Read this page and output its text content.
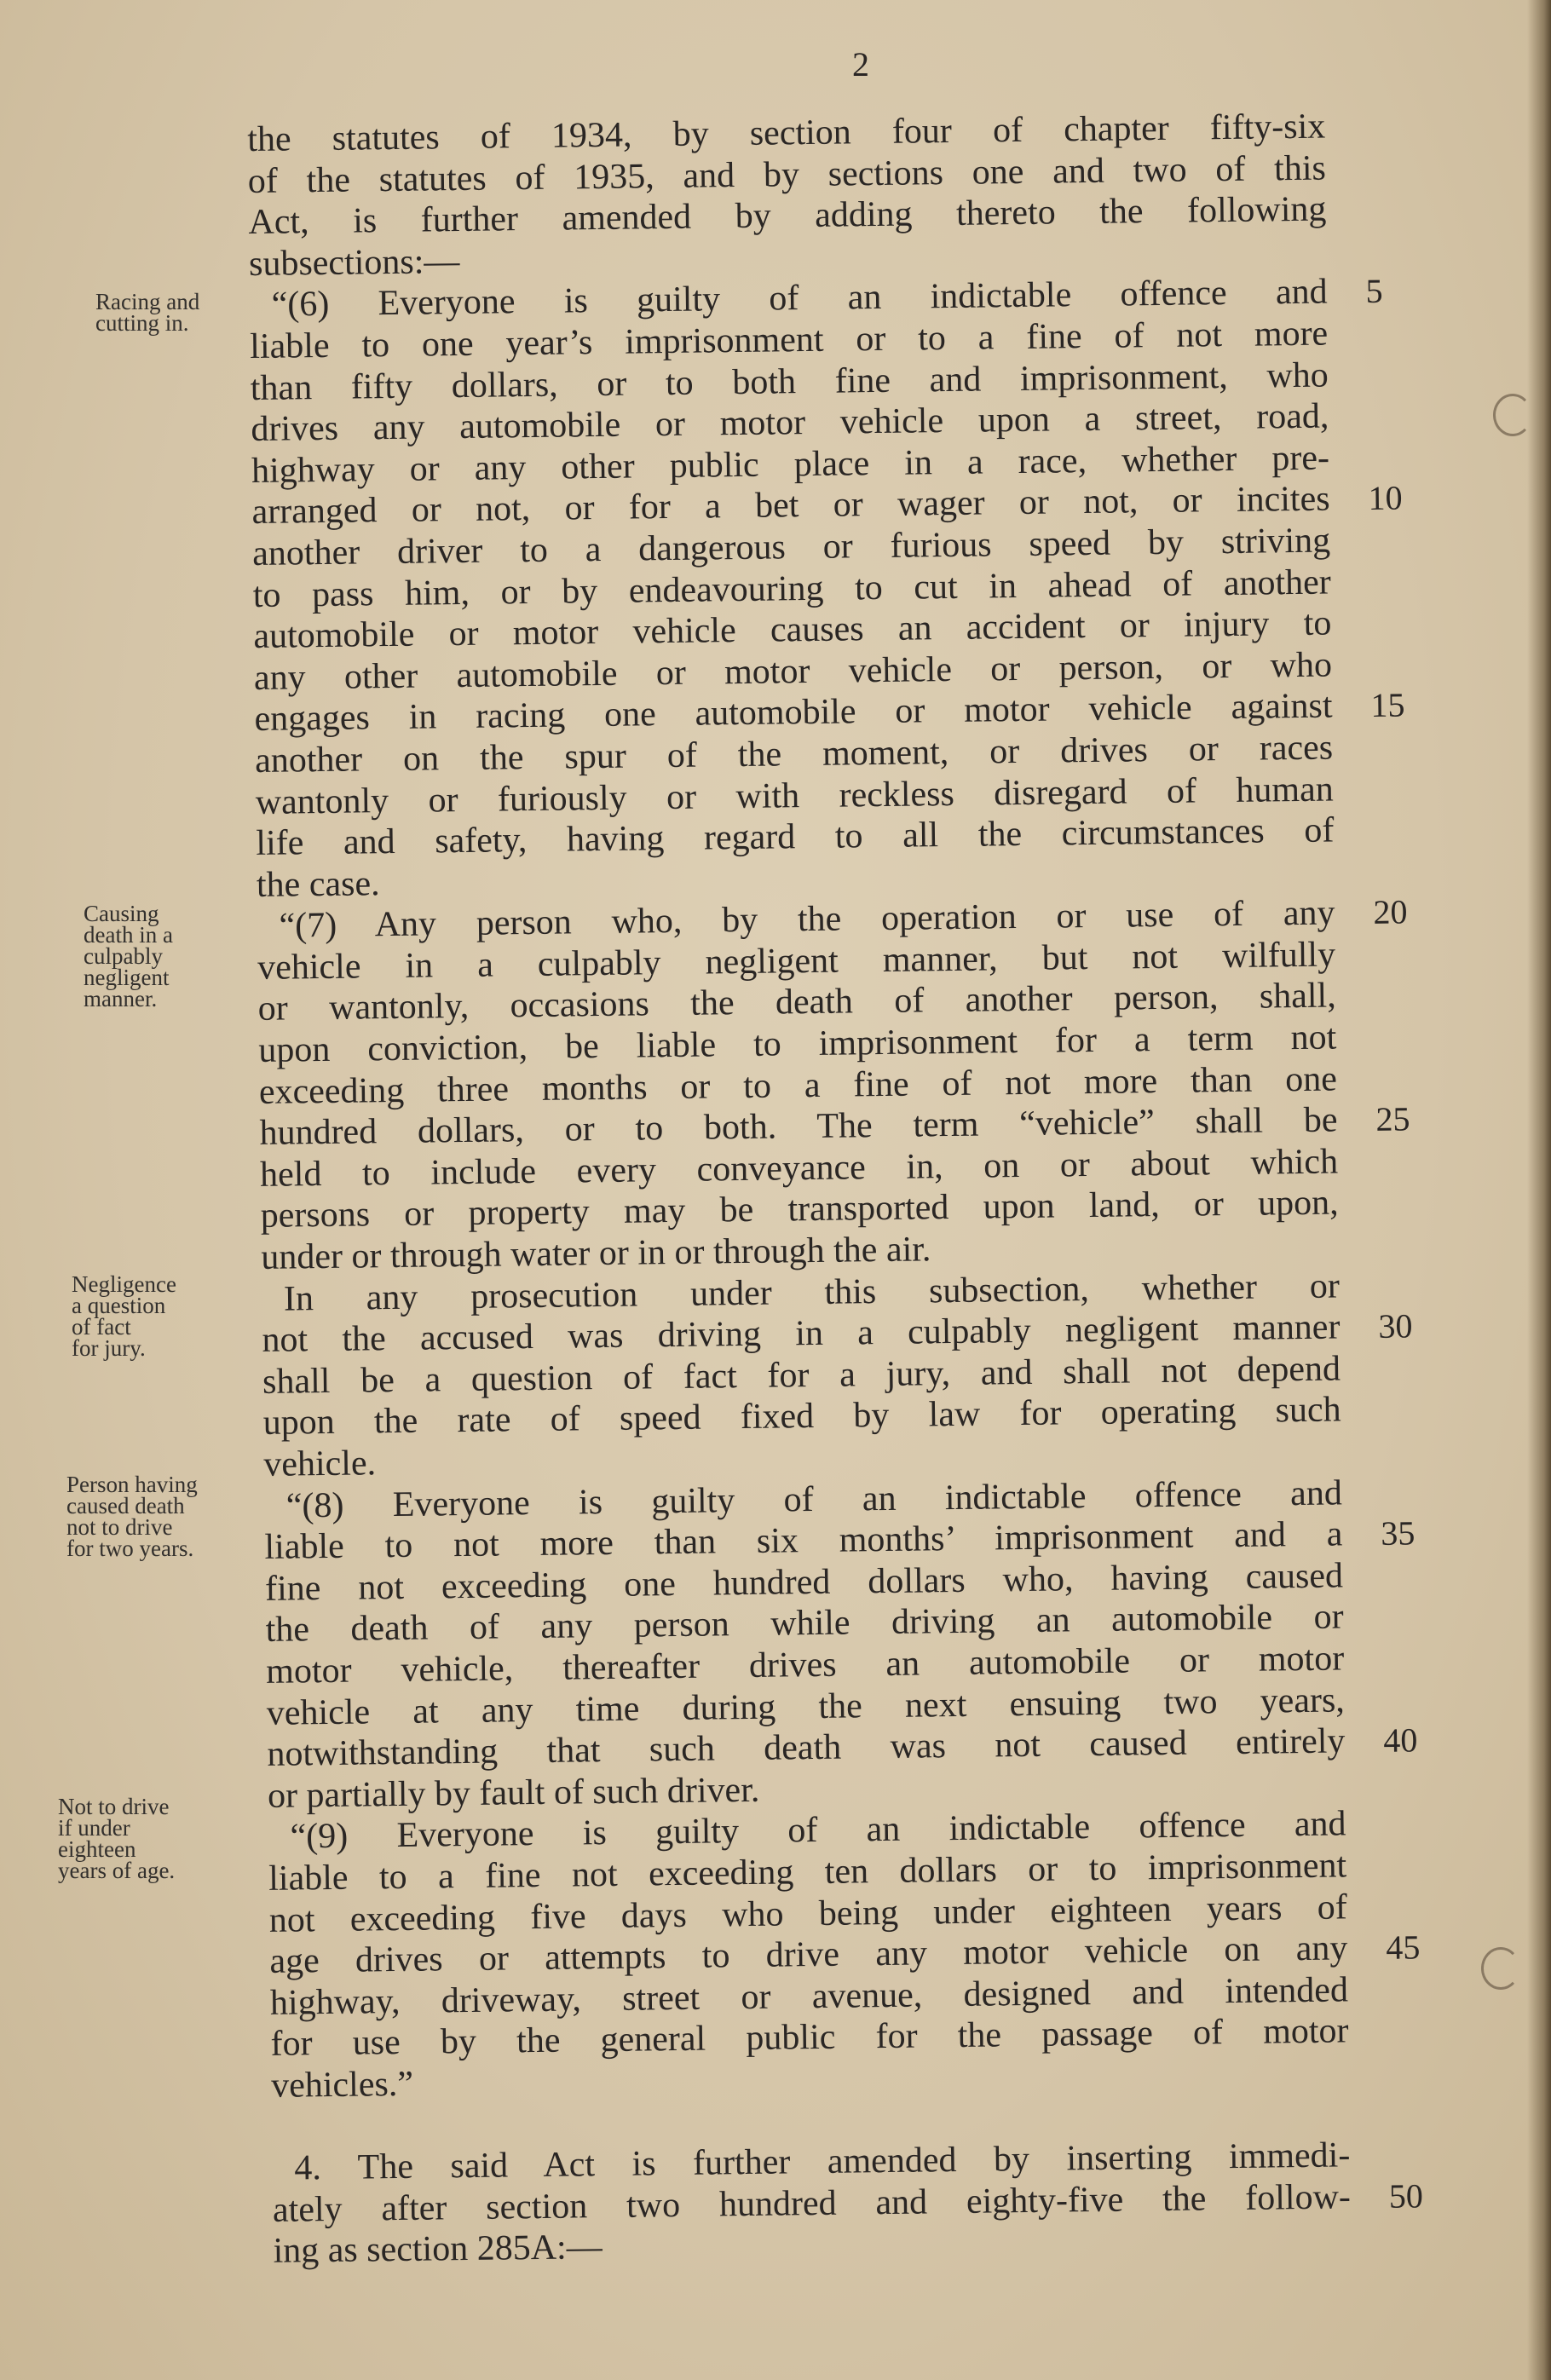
2
Racing and
cutting in.
Causing
death in a
culpably
negligent
manner.
Negligence
a question
of fact
for jury.
Person having
caused death
not to drive
for two years.
Not to drive
if under
eighteen
years of age.
the statutes of 1934, by section four of chapter fifty-six
of the statutes of 1935, and by sections one and two of this
Act, is further amended by adding thereto the following
subsections:—
“(6) Everyone is guilty of an indictable offence and 5
liable to one year’s imprisonment or to a fine of not more
than fifty dollars, or to both fine and imprisonment, who
drives any automobile or motor vehicle upon a street, road,
highway or any other public place in a race, whether pre-
arranged or not, or for a bet or wager or not, or incites 10
another driver to a dangerous or furious speed by striving
to pass him, or by endeavouring to cut in ahead of another
automobile or motor vehicle causes an accident or injury to
any other automobile or motor vehicle or person, or who
engages in racing one automobile or motor vehicle against 15
another on the spur of the moment, or drives or races
wantonly or furiously or with reckless disregard of human
life and safety, having regard to all the circumstances of
the case.
“(7) Any person who, by the operation or use of any 20
vehicle in a culpably negligent manner, but not wilfully
or wantonly, occasions the death of another person, shall,
upon conviction, be liable to imprisonment for a term not
exceeding three months or to a fine of not more than one
hundred dollars, or to both. The term “vehicle” shall be 25
held to include every conveyance in, on or about which
persons or property may be transported upon land, or upon,
under or through water or in or through the air.
In any prosecution under this subsection, whether or
not the accused was driving in a culpably negligent manner 30
shall be a question of fact for a jury, and shall not depend
upon the rate of speed fixed by law for operating such
vehicle.
“(8) Everyone is guilty of an indictable offence and
liable to not more than six months’ imprisonment and a 35
fine not exceeding one hundred dollars who, having caused
the death of any person while driving an automobile or
motor vehicle, thereafter drives an automobile or motor
vehicle at any time during the next ensuing two years,
notwithstanding that such death was not caused entirely 40
or partially by fault of such driver.
“(9) Everyone is guilty of an indictable offence and
liable to a fine not exceeding ten dollars or to imprisonment
not exceeding five days who being under eighteen years of
age drives or attempts to drive any motor vehicle on any 45
highway, driveway, street or avenue, designed and intended
for use by the general public for the passage of motor
vehicles.”
4. The said Act is further amended by inserting immedi-
ately after section two hundred and eighty-five the follow- 50
ing as section 285A:—
